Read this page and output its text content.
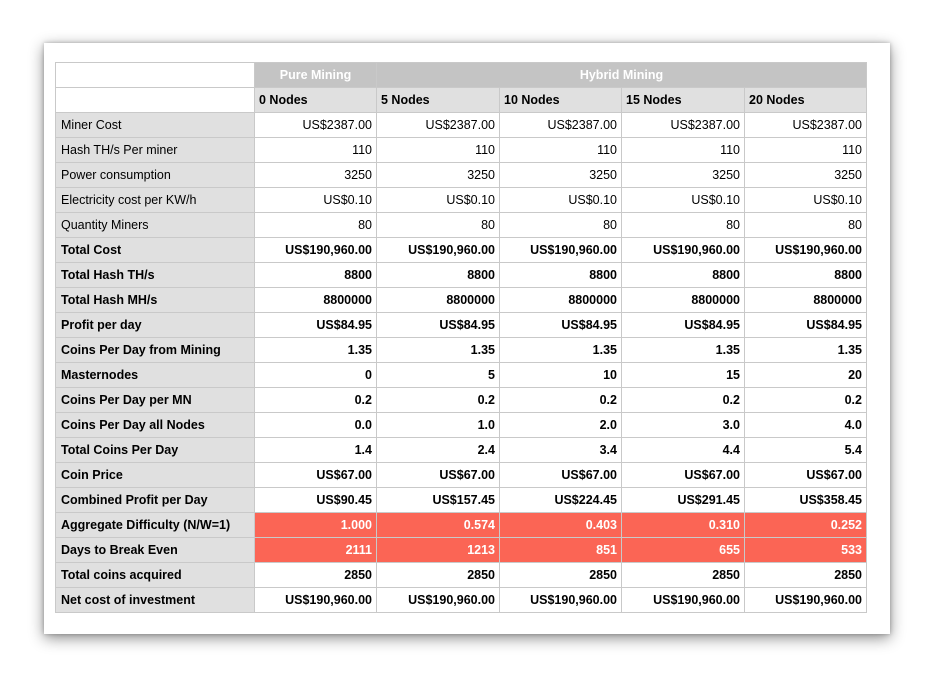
	Pure Mining	Hybrid Mining			
	0 Nodes	5 Nodes	10 Nodes	15 Nodes	20 Nodes
Miner Cost	US$2387.00	US$2387.00	US$2387.00	US$2387.00	US$2387.00
Hash TH/s Per miner	110	110	110	110	110
Power consumption	3250	3250	3250	3250	3250
Electricity cost per KW/h	US$0.10	US$0.10	US$0.10	US$0.10	US$0.10
Quantity Miners	80	80	80	80	80
Total Cost	US$190,960.00	US$190,960.00	US$190,960.00	US$190,960.00	US$190,960.00
Total Hash TH/s	8800	8800	8800	8800	8800
Total Hash MH/s	8800000	8800000	8800000	8800000	8800000
Profit per day	US$84.95	US$84.95	US$84.95	US$84.95	US$84.95
Coins Per Day from Mining	1.35	1.35	1.35	1.35	1.35
Masternodes	0	5	10	15	20
Coins Per Day per MN	0.2	0.2	0.2	0.2	0.2
Coins Per Day all Nodes	0.0	1.0	2.0	3.0	4.0
Total Coins Per Day	1.4	2.4	3.4	4.4	5.4
Coin Price	US$67.00	US$67.00	US$67.00	US$67.00	US$67.00
Combined Profit per Day	US$90.45	US$157.45	US$224.45	US$291.45	US$358.45
Aggregate Difficulty (N/W=1)	1.000	0.574	0.403	0.310	0.252
Days to Break Even	2111	1213	851	655	533
Total coins acquired	2850	2850	2850	2850	2850
Net cost of investment	US$190,960.00	US$190,960.00	US$190,960.00	US$190,960.00	US$190,960.00
